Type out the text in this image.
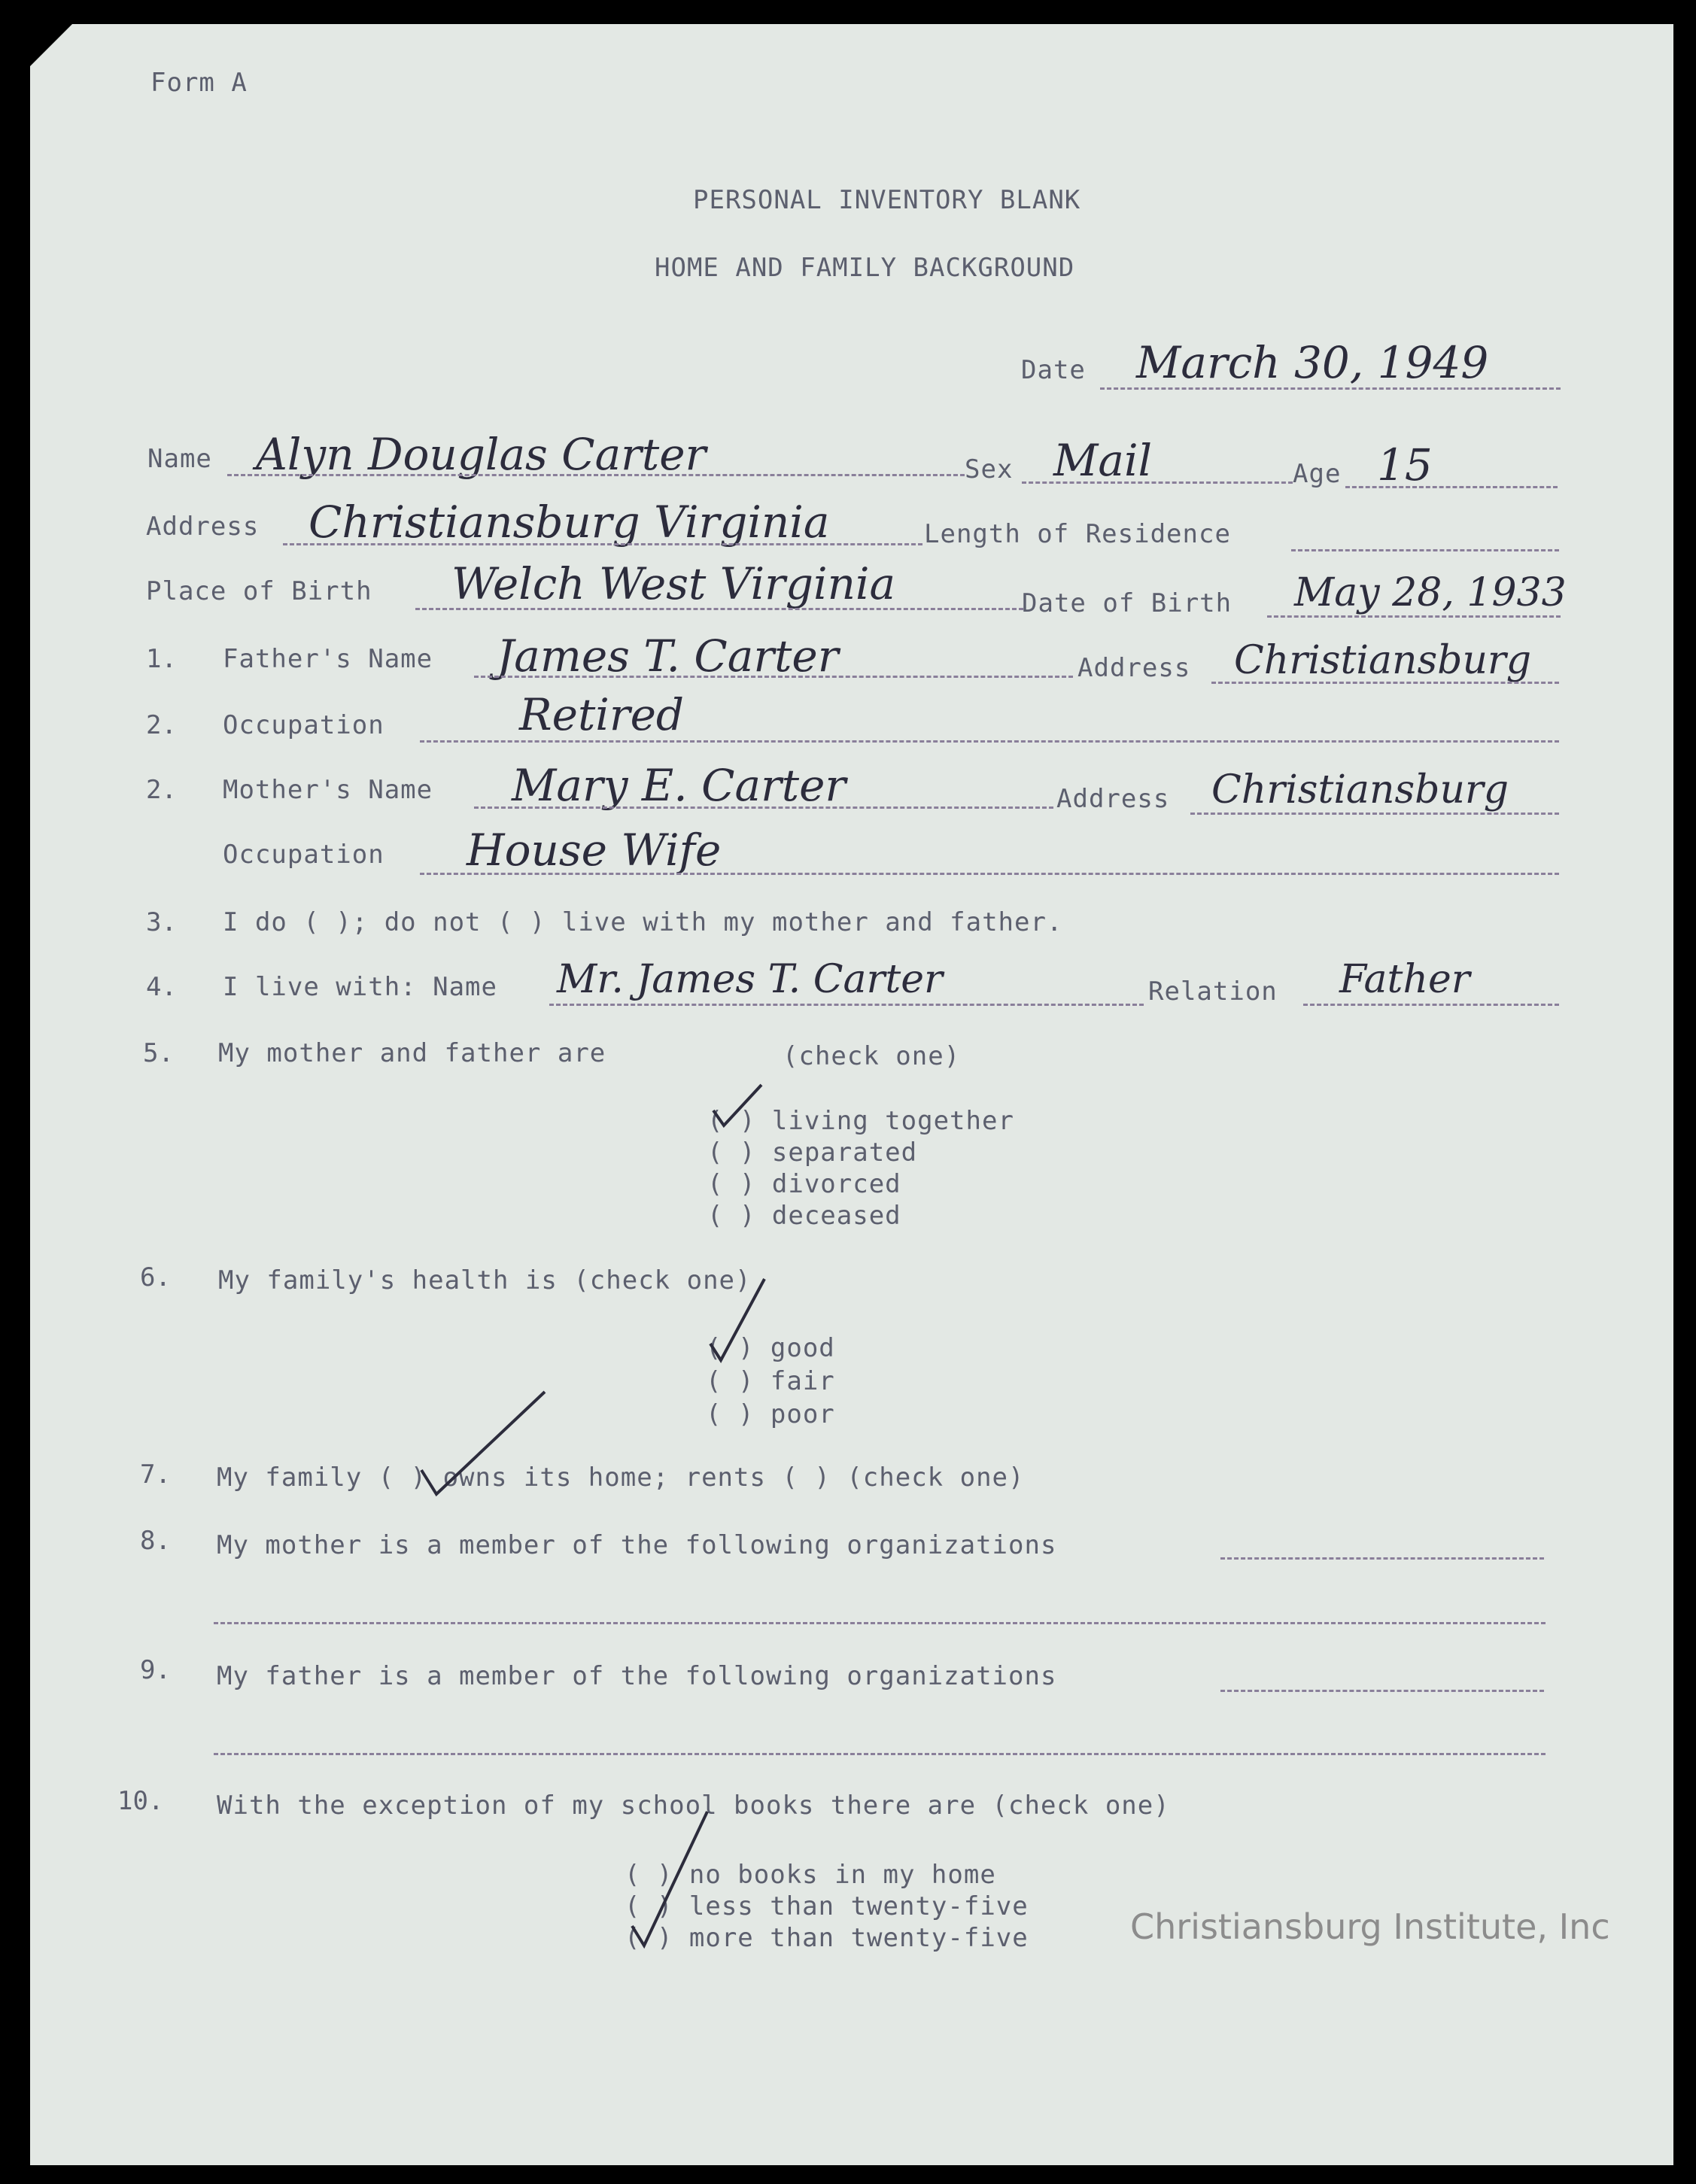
Form A
PERSONAL INVENTORY BLANK
HOME AND FAMILY BACKGROUND
Date March 30, 1949
Name Alyn Douglas Carter	Sex Mail	Age 15
Address Christiansburg Virginia	Length of Residence
Place of Birth Welch West Virginia	Date of Birth May 28, 1933
1. Father's Name James T. Carter	Address Christiansburg
2. Occupation	Retired
2. Mother's Name Mary E. Carter	Address Christiansburg
Occupation House Wife
3. I do ( ); do not ( ) live with my mother and father.
4. I live with: Name Mr. James T. Carter	Relation Father
5. My mother and father are	(check one)
( ) living together
( ) separated
( ) divorced
( ) deceased
6. My family's health is (check one)
( ) good
( ) fair
( ) poor
7. My family ( ) owns its home; rents ( ) (check one)
8. My mother is a member of the following organizations
9. My father is a member of the following organizations
10. With the exception of my school books there are (check one)
( ) no books in my home
( ) less than twenty-five
( ) more than twenty-five	Christiansburg Institute, Inc
